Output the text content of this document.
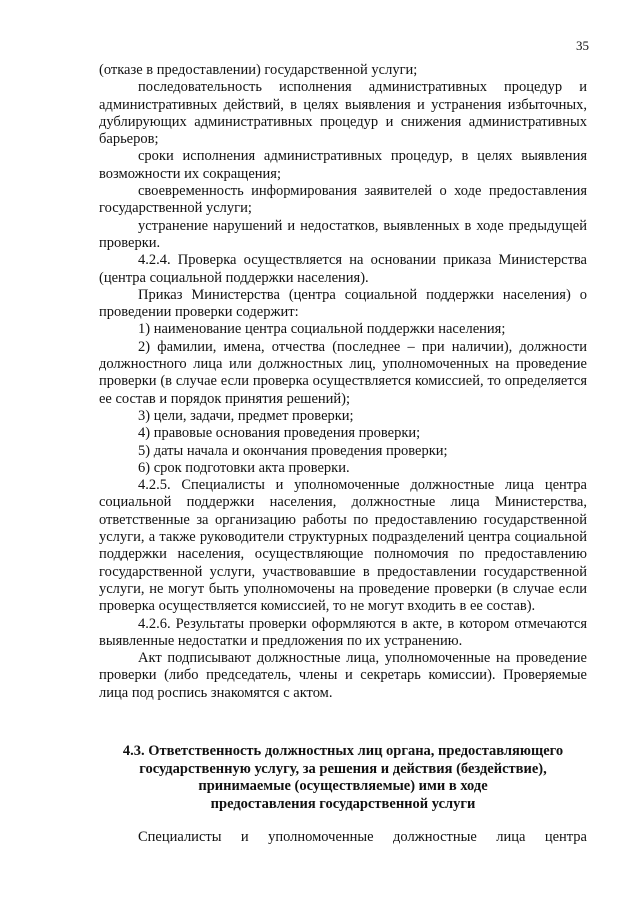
35

(отказе в предоставлении) государственной услуги;

последовательность исполнения административных процедур и административных действий, в целях выявления и устранения избыточных, дублирующих административных процедур и снижения административных барьеров;

сроки исполнения административных процедур, в целях выявления возможности их сокращения;

своевременность информирования заявителей о ходе предоставления государственной услуги;

устранение нарушений и недостатков, выявленных в ходе предыдущей проверки.

4.2.4. Проверка осуществляется на основании приказа Министерства (центра социальной поддержки населения).

Приказ Министерства (центра социальной поддержки населения) о проведении проверки содержит:

1) наименование центра социальной поддержки населения;

2) фамилии, имена, отчества (последнее – при наличии), должности должностного лица или должностных лиц, уполномоченных на проведение проверки (в случае если проверка осуществляется комиссией, то определяется ее состав и порядок принятия решений);

3) цели, задачи, предмет проверки;

4) правовые основания проведения проверки;

5) даты начала и окончания проведения проверки;

6) срок подготовки акта проверки.

4.2.5. Специалисты и уполномоченные должностные лица центра социальной поддержки населения, должностные лица Министерства, ответственные за организацию работы по предоставлению государственной услуги, а также руководители структурных подразделений центра социальной поддержки населения, осуществляющие полномочия по предоставлению государственной услуги, участвовавшие в предоставлении государственной услуги, не могут быть уполномочены на проведение проверки (в случае если проверка осуществляется комиссией, то не могут входить в ее состав).

4.2.6. Результаты проверки оформляются в акте, в котором отмечаются выявленные недостатки и предложения по их устранению.

Акт подписывают должностные лица, уполномоченные на проведение проверки (либо председатель, члены и секретарь комиссии). Проверяемые лица под роспись знакомятся с актом.

4.3. Ответственность должностных лиц органа, предоставляющего
государственную услугу, за решения и действия (бездействие),
принимаемые (осуществляемые) ими в ходе
предоставления государственной услуги
Специалисты и уполномоченные должностные лица центра
